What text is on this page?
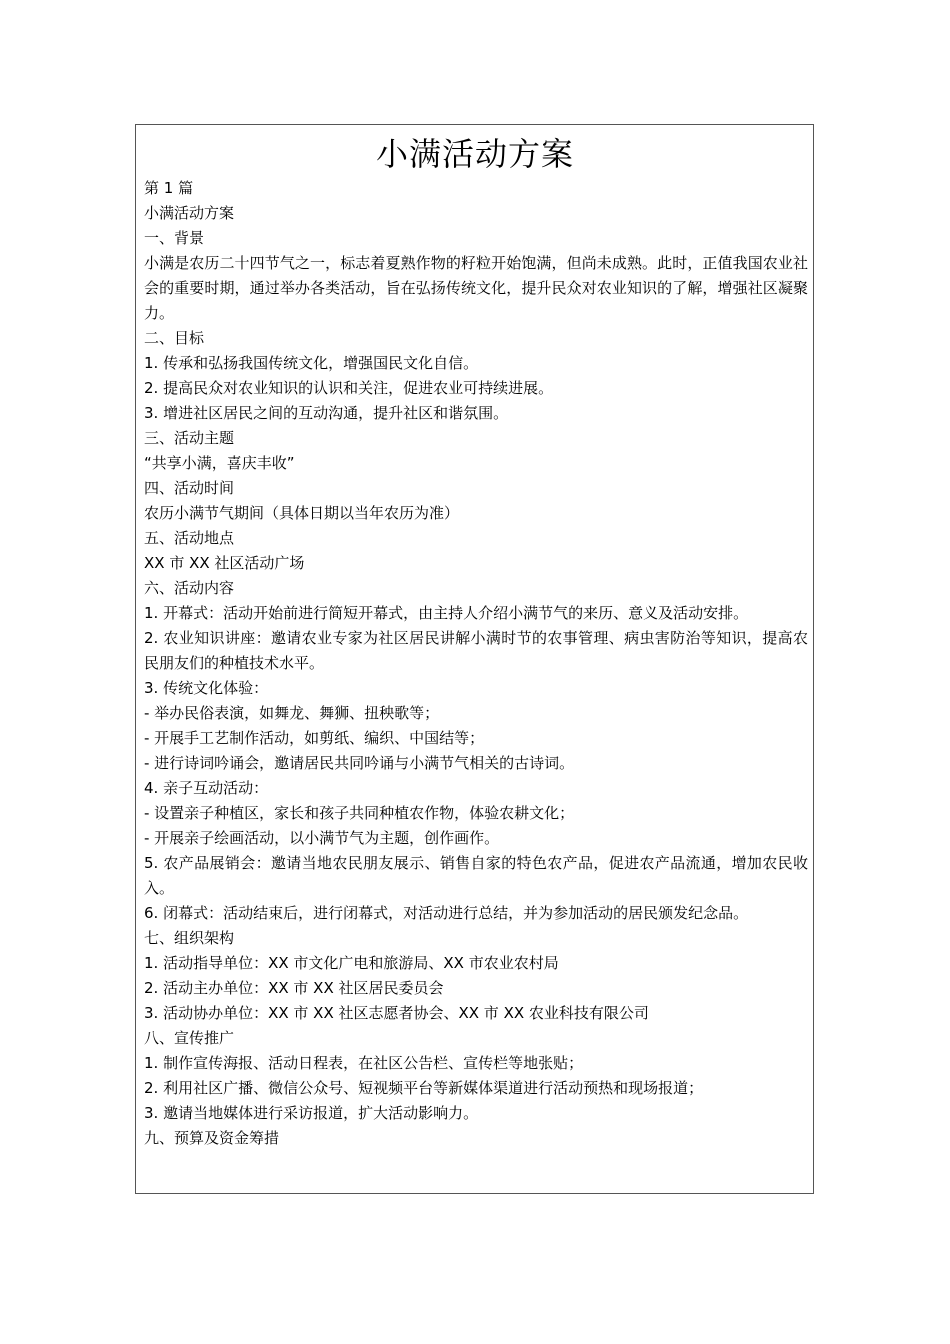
小满活动方案
第 1 篇
小满活动方案
一、背景
小满是农历二十四节气之一，标志着夏熟作物的籽粒开始饱满，但尚未成熟。此时，正值我国农业社会的重要时期，通过举办各类活动，旨在弘扬传统文化，提升民众对农业知识的了解，增强社区凝聚力。
二、目标
1. 传承和弘扬我国传统文化，增强国民文化自信。
2. 提高民众对农业知识的认识和关注，促进农业可持续进展。
3. 增进社区居民之间的互动沟通，提升社区和谐氛围。
三、活动主题
“共享小满，喜庆丰收”
四、活动时间
农历小满节气期间（具体日期以当年农历为准）
五、活动地点
XX 市 XX 社区活动广场
六、活动内容
1. 开幕式：活动开始前进行简短开幕式，由主持人介绍小满节气的来历、意义及活动安排。
2. 农业知识讲座：邀请农业专家为社区居民讲解小满时节的农事管理、病虫害防治等知识，提高农民朋友们的种植技术水平。
3. 传统文化体验：
- 举办民俗表演，如舞龙、舞狮、扭秧歌等；
- 开展手工艺制作活动，如剪纸、编织、中国结等；
- 进行诗词吟诵会，邀请居民共同吟诵与小满节气相关的古诗词。
4. 亲子互动活动：
- 设置亲子种植区，家长和孩子共同种植农作物，体验农耕文化；
- 开展亲子绘画活动，以小满节气为主题，创作画作。
5. 农产品展销会：邀请当地农民朋友展示、销售自家的特色农产品，促进农产品流通，增加农民收入。
6. 闭幕式：活动结束后，进行闭幕式，对活动进行总结，并为参加活动的居民颁发纪念品。
七、组织架构
1. 活动指导单位：XX 市文化广电和旅游局、XX 市农业农村局
2. 活动主办单位：XX 市 XX 社区居民委员会
3. 活动协办单位：XX 市 XX 社区志愿者协会、XX 市 XX 农业科技有限公司
八、宣传推广
1. 制作宣传海报、活动日程表，在社区公告栏、宣传栏等地张贴；
2. 利用社区广播、微信公众号、短视频平台等新媒体渠道进行活动预热和现场报道；
3. 邀请当地媒体进行采访报道，扩大活动影响力。
九、预算及资金筹措
